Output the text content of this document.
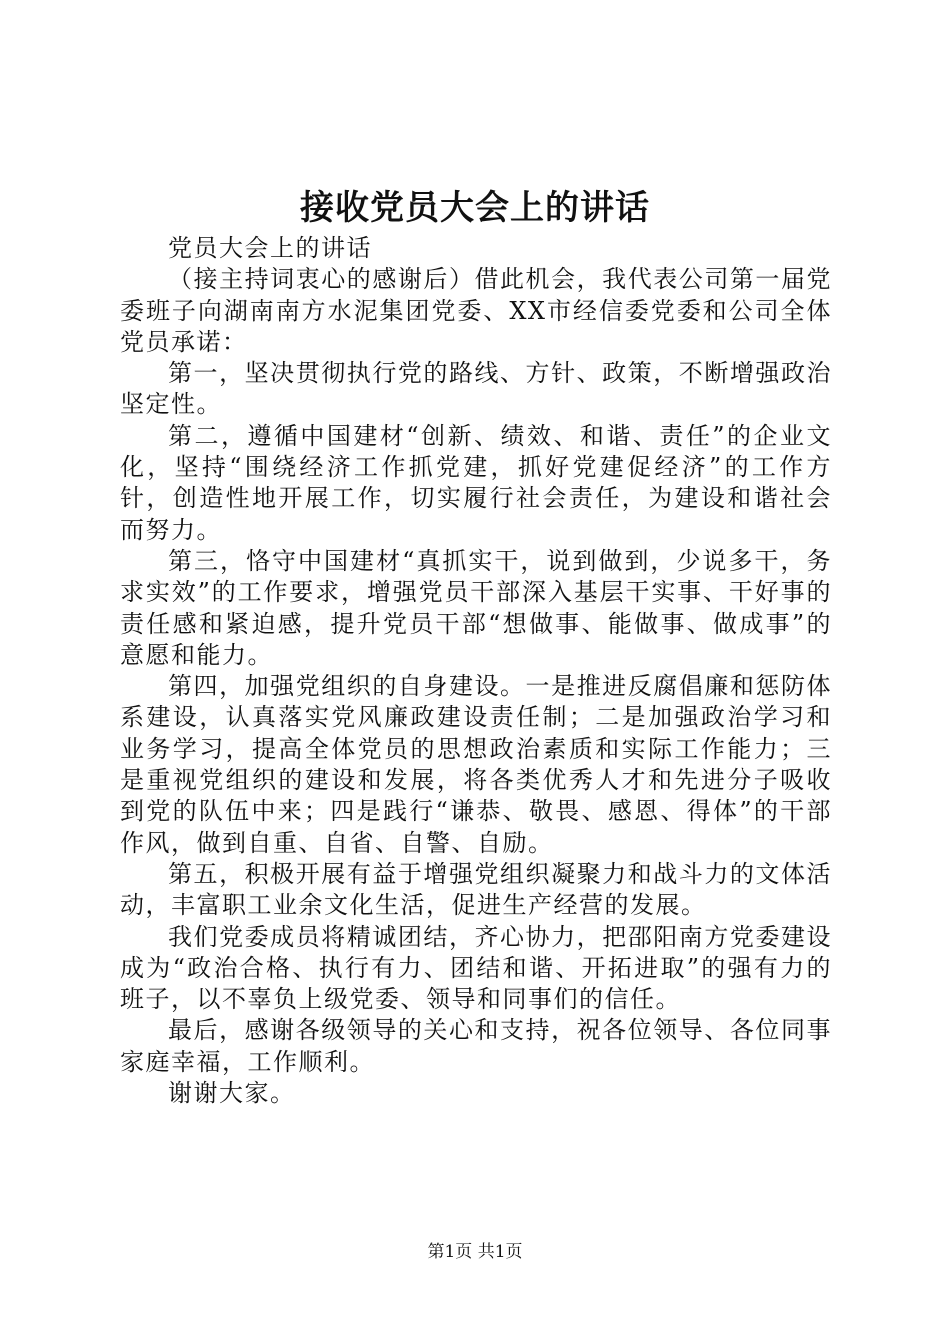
接收党员大会上的讲话

党员大会上的讲话

（接主持词衷心的感谢后）借此机会，我代表公司第一届党委班子向湖南南方水泥集团党委、XX市经信委党委和公司全体党员承诺：

第一，坚决贯彻执行党的路线、方针、政策，不断增强政治坚定性。

第二，遵循中国建材“创新、绩效、和谐、责任”的企业文化，坚持“围绕经济工作抓党建，抓好党建促经济”的工作方针，创造性地开展工作，切实履行社会责任，为建设和谐社会而努力。

第三，恪守中国建材“真抓实干，说到做到，少说多干，务求实效”的工作要求，增强党员干部深入基层干实事、干好事的责任感和紧迫感，提升党员干部“想做事、能做事、做成事”的意愿和能力。

第四，加强党组织的自身建设。一是推进反腐倡廉和惩防体系建设，认真落实党风廉政建设责任制；二是加强政治学习和业务学习，提高全体党员的思想政治素质和实际工作能力；三是重视党组织的建设和发展，将各类优秀人才和先进分子吸收到党的队伍中来；四是践行“谦恭、敬畏、感恩、得体”的干部作风，做到自重、自省、自警、自励。

第五，积极开展有益于增强党组织凝聚力和战斗力的文体活动，丰富职工业余文化生活，促进生产经营的发展。

我们党委成员将精诚团结，齐心协力，把邵阳南方党委建设成为“政治合格、执行有力、团结和谐、开拓进取”的强有力的班子，以不辜负上级党委、领导和同事们的信任。

最后，感谢各级领导的关心和支持，祝各位领导、各位同事家庭幸福，工作顺利。

谢谢大家。

第1页 共1页
